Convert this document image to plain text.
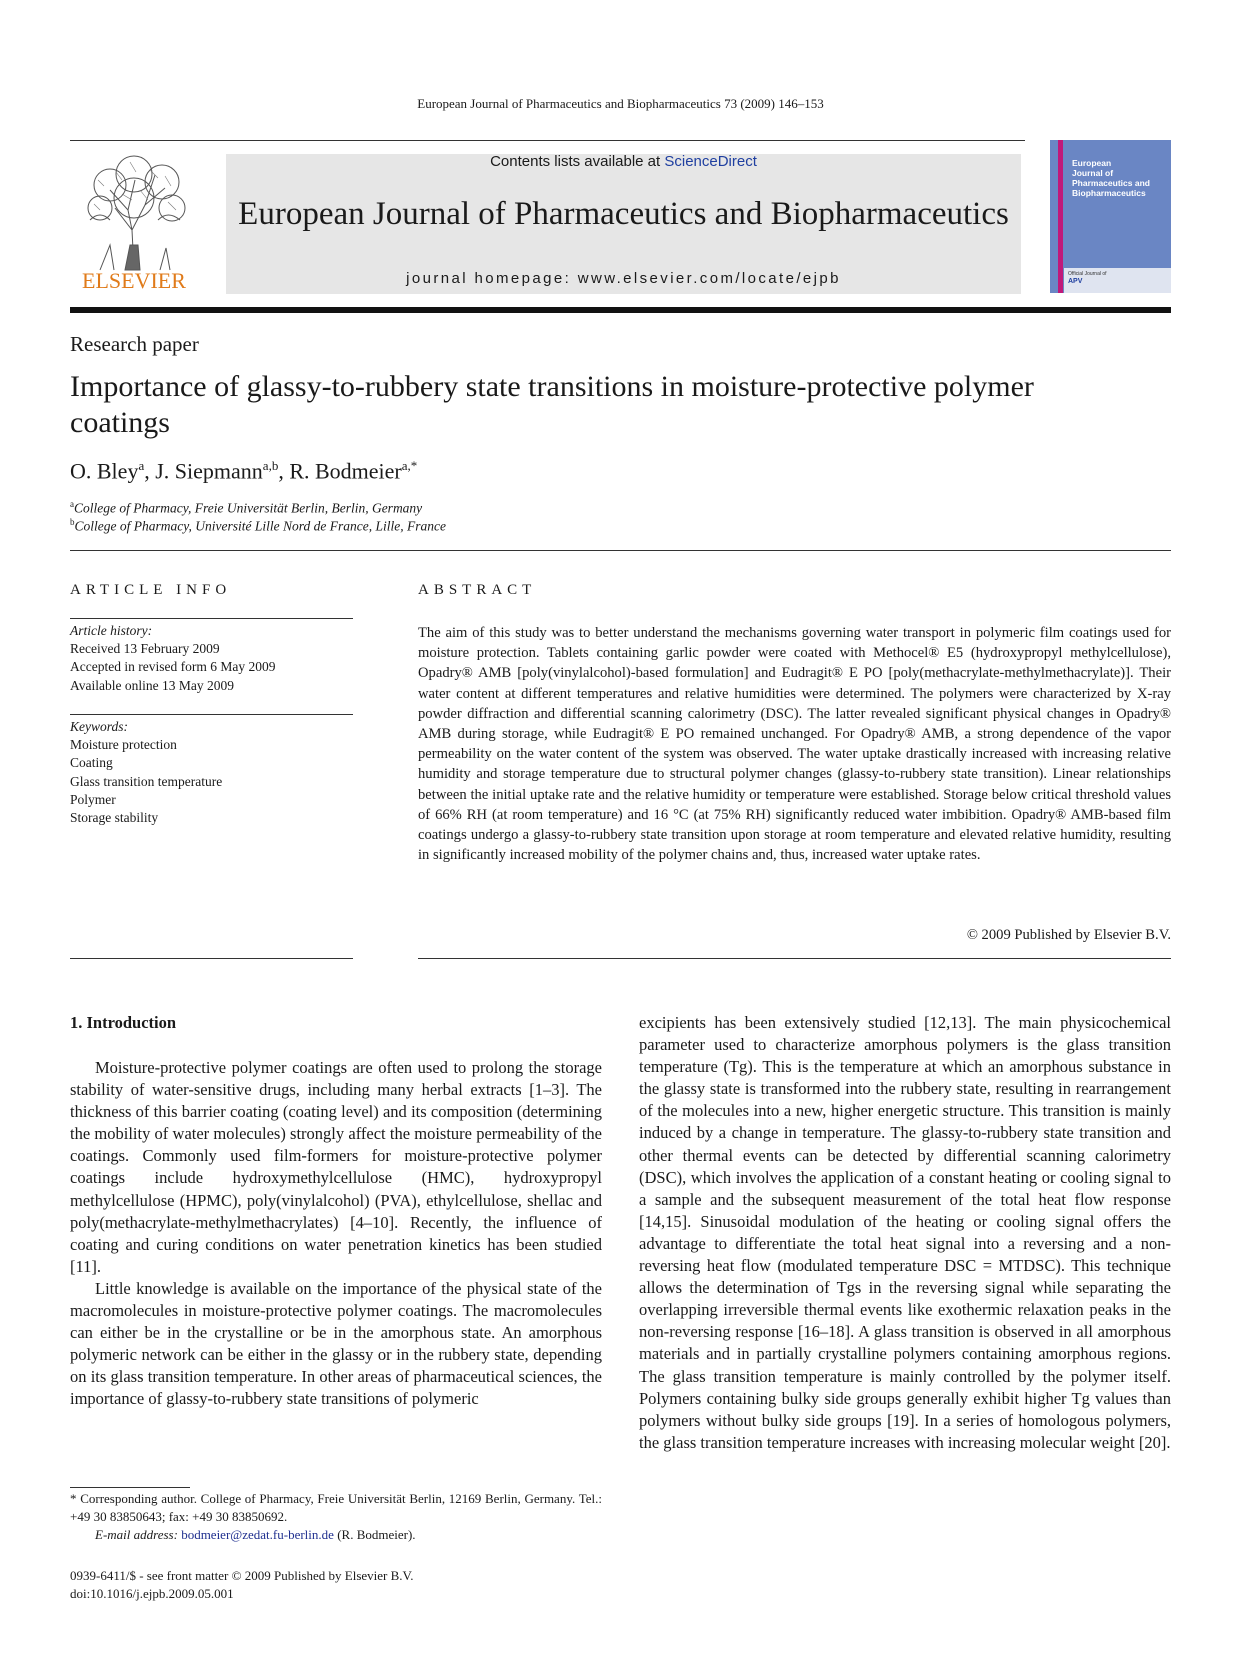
European Journal of Pharmaceutics and Biopharmaceutics 73 (2009) 146–153
ELSEVIER
Contents lists available at ScienceDirect
European Journal of Pharmaceutics and Biopharmaceutics
journal homepage: www.elsevier.com/locate/ejpb
European
Journal of
Pharmaceutics and
Biopharmaceutics
Official Journal of
APV
Research paper
Importance of glassy-to-rubbery state transitions in moisture-protective polymer coatings
O. Bley$^a$, J. Siepmann$^{a,b}$, R. Bodmeier$^{a,*}$
$^a$College of Pharmacy, Freie Universität Berlin, Berlin, Germany
$^b$College of Pharmacy, Université Lille Nord de France, Lille, France
ARTICLE INFO
Article history:
Received 13 February 2009
Accepted in revised form 6 May 2009
Available online 13 May 2009
Keywords:
Moisture protection
Coating
Glass transition temperature
Polymer
Storage stability
ABSTRACT
The aim of this study was to better understand the mechanisms governing water transport in polymeric film coatings used for moisture protection. Tablets containing garlic powder were coated with Methocel® E5 (hydroxypropyl methylcellulose), Opadry® AMB [poly(vinylalcohol)-based formulation] and Eudragit® E PO [poly(methacrylate-methylmethacrylate)]. Their water content at different temperatures and relative humidities were determined. The polymers were characterized by X-ray powder diffraction and differential scanning calorimetry (DSC). The latter revealed significant physical changes in Opadry® AMB during storage, while Eudragit® E PO remained unchanged. For Opadry® AMB, a strong dependence of the vapor permeability on the water content of the system was observed. The water uptake drastically increased with increasing relative humidity and storage temperature due to structural polymer changes (glassy-to-rubbery state transition). Linear relationships between the initial uptake rate and the relative humidity or temperature were established. Storage below critical threshold values of 66% RH (at room temperature) and 16 °C (at 75% RH) significantly reduced water imbibition. Opadry® AMB-based film coatings undergo a glassy-to-rubbery state transition upon storage at room temperature and elevated relative humidity, resulting in significantly increased mobility of the polymer chains and, thus, increased water uptake rates.
© 2009 Published by Elsevier B.V.
1. Introduction

Moisture-protective polymer coatings are often used to prolong the storage stability of water-sensitive drugs, including many herbal extracts [1–3]. The thickness of this barrier coating (coating level) and its composition (determining the mobility of water molecules) strongly affect the moisture permeability of the coatings. Commonly used film-formers for moisture-protective polymer coatings include hydroxymethylcellulose (HMC), hydroxypropyl methylcellulose (HPMC), poly(vinylalcohol) (PVA), ethylcellulose, shellac and poly(methacrylate-methylmethacrylates) [4–10]. Recently, the influence of coating and curing conditions on water penetration kinetics has been studied [11].

Little knowledge is available on the importance of the physical state of the macromolecules in moisture-protective polymer coatings. The macromolecules can either be in the crystalline or be in the amorphous state. An amorphous polymeric network can be either in the glassy or in the rubbery state, depending on its glass transition temperature. In other areas of pharmaceutical sciences, the importance of glassy-to-rubbery state transitions of polymeric

excipients has been extensively studied [12,13]. The main physicochemical parameter used to characterize amorphous polymers is the glass transition temperature (Tg). This is the temperature at which an amorphous substance in the glassy state is transformed into the rubbery state, resulting in rearrangement of the molecules into a new, higher energetic structure. This transition is mainly induced by a change in temperature. The glassy-to-rubbery state transition and other thermal events can be detected by differential scanning calorimetry (DSC), which involves the application of a constant heating or cooling signal to a sample and the subsequent measurement of the total heat flow response [14,15]. Sinusoidal modulation of the heating or cooling signal offers the advantage to differentiate the total heat signal into a reversing and a non-reversing heat flow (modulated temperature DSC = MTDSC). This technique allows the determination of Tgs in the reversing signal while separating the overlapping irreversible thermal events like exothermic relaxation peaks in the non-reversing response [16–18]. A glass transition is observed in all amorphous materials and in partially crystalline polymers containing amorphous regions. The glass transition temperature is mainly controlled by the polymer itself. Polymers containing bulky side groups generally exhibit higher Tg values than polymers without bulky side groups [19]. In a series of homologous polymers, the glass transition temperature increases with increasing molecular weight [20].

* Corresponding author. College of Pharmacy, Freie Universität Berlin, 12169 Berlin, Germany. Tel.: +49 30 83850643; fax: +49 30 83850692.
E-mail address: bodmeier@zedat.fu-berlin.de (R. Bodmeier).
0939-6411/$ - see front matter © 2009 Published by Elsevier B.V.
doi:10.1016/j.ejpb.2009.05.001
